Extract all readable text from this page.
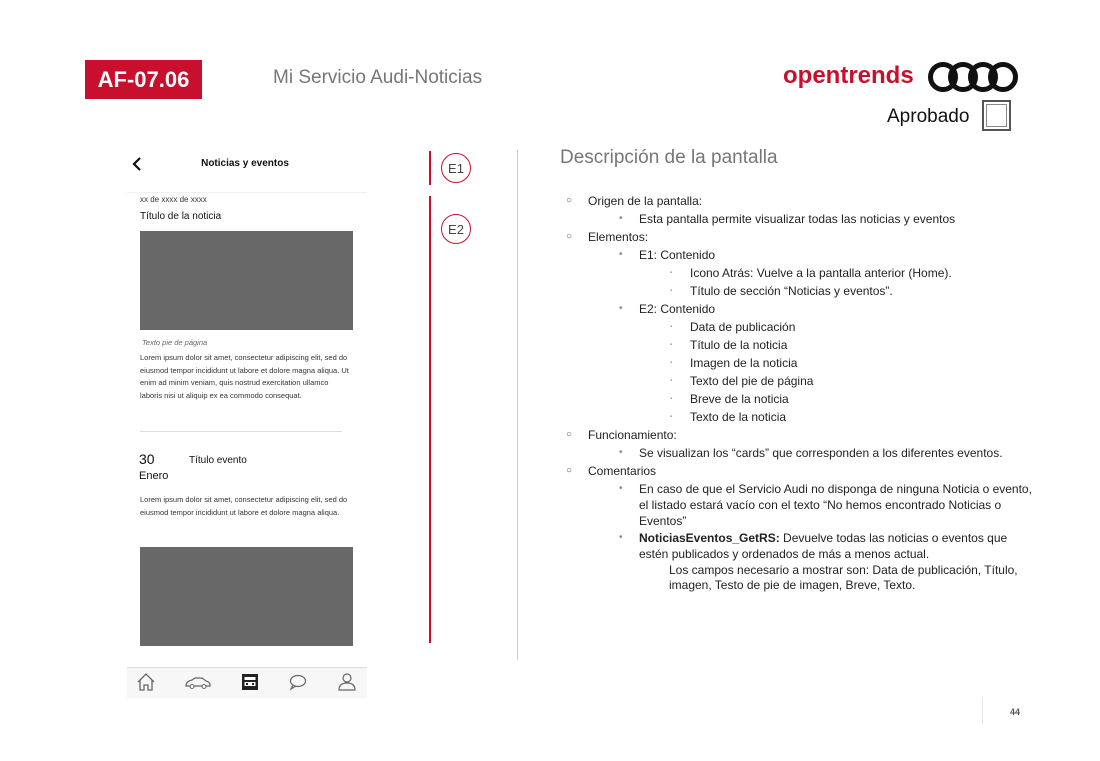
AF-07.06	Mi Servicio Audi-Noticias	opentrends
Aprobado
Noticias y eventos
xx de xxxx de xxxx
Título de la noticia
Texto pie de página
Lorem ipsum dolor sit amet, consectetur adipiscing elit, sed do eiusmod tempor incididunt ut labore et dolore magna aliqua. Ut enim ad minim veniam, quis nostrud exercitation ullamco laboris nisi ut aliquip ex ea commodo consequat.
30
Enero
Título evento
Lorem ipsum dolor sit amet, consectetur adipiscing elit, sed do eiusmod tempor incididunt ut labore et dolore magna aliqua.
E1
E2
Descripción de la pantalla
○ Origen de la pantalla:
• Esta pantalla permite visualizar todas las noticias y eventos
○ Elementos:
• E1: Contenido
▪ Icono Atrás: Vuelve a la pantalla anterior (Home).
▪ Título de sección “Noticias y eventos”.
• E2: Contenido
▪ Data de publicación
▪ Título de la noticia
▪ Imagen de la noticia
▪ Texto del pie de página
▪ Breve de la noticia
▪ Texto de la noticia
○ Funcionamiento:
• Se visualizan los “cards” que corresponden a los diferentes eventos.
○ Comentarios
• En caso de que el Servicio Audi no disponga de ninguna Noticia o evento, el listado estará vacío con el texto “No hemos encontrado Noticias o Eventos”
• NoticiasEventos_GetRS: Devuelve todas las noticias o eventos que estén publicados y ordenados de más a menos actual.
Los campos necesario a mostrar son: Data de publicación, Título, imagen, Testo de pie de imagen, Breve, Texto.
44
